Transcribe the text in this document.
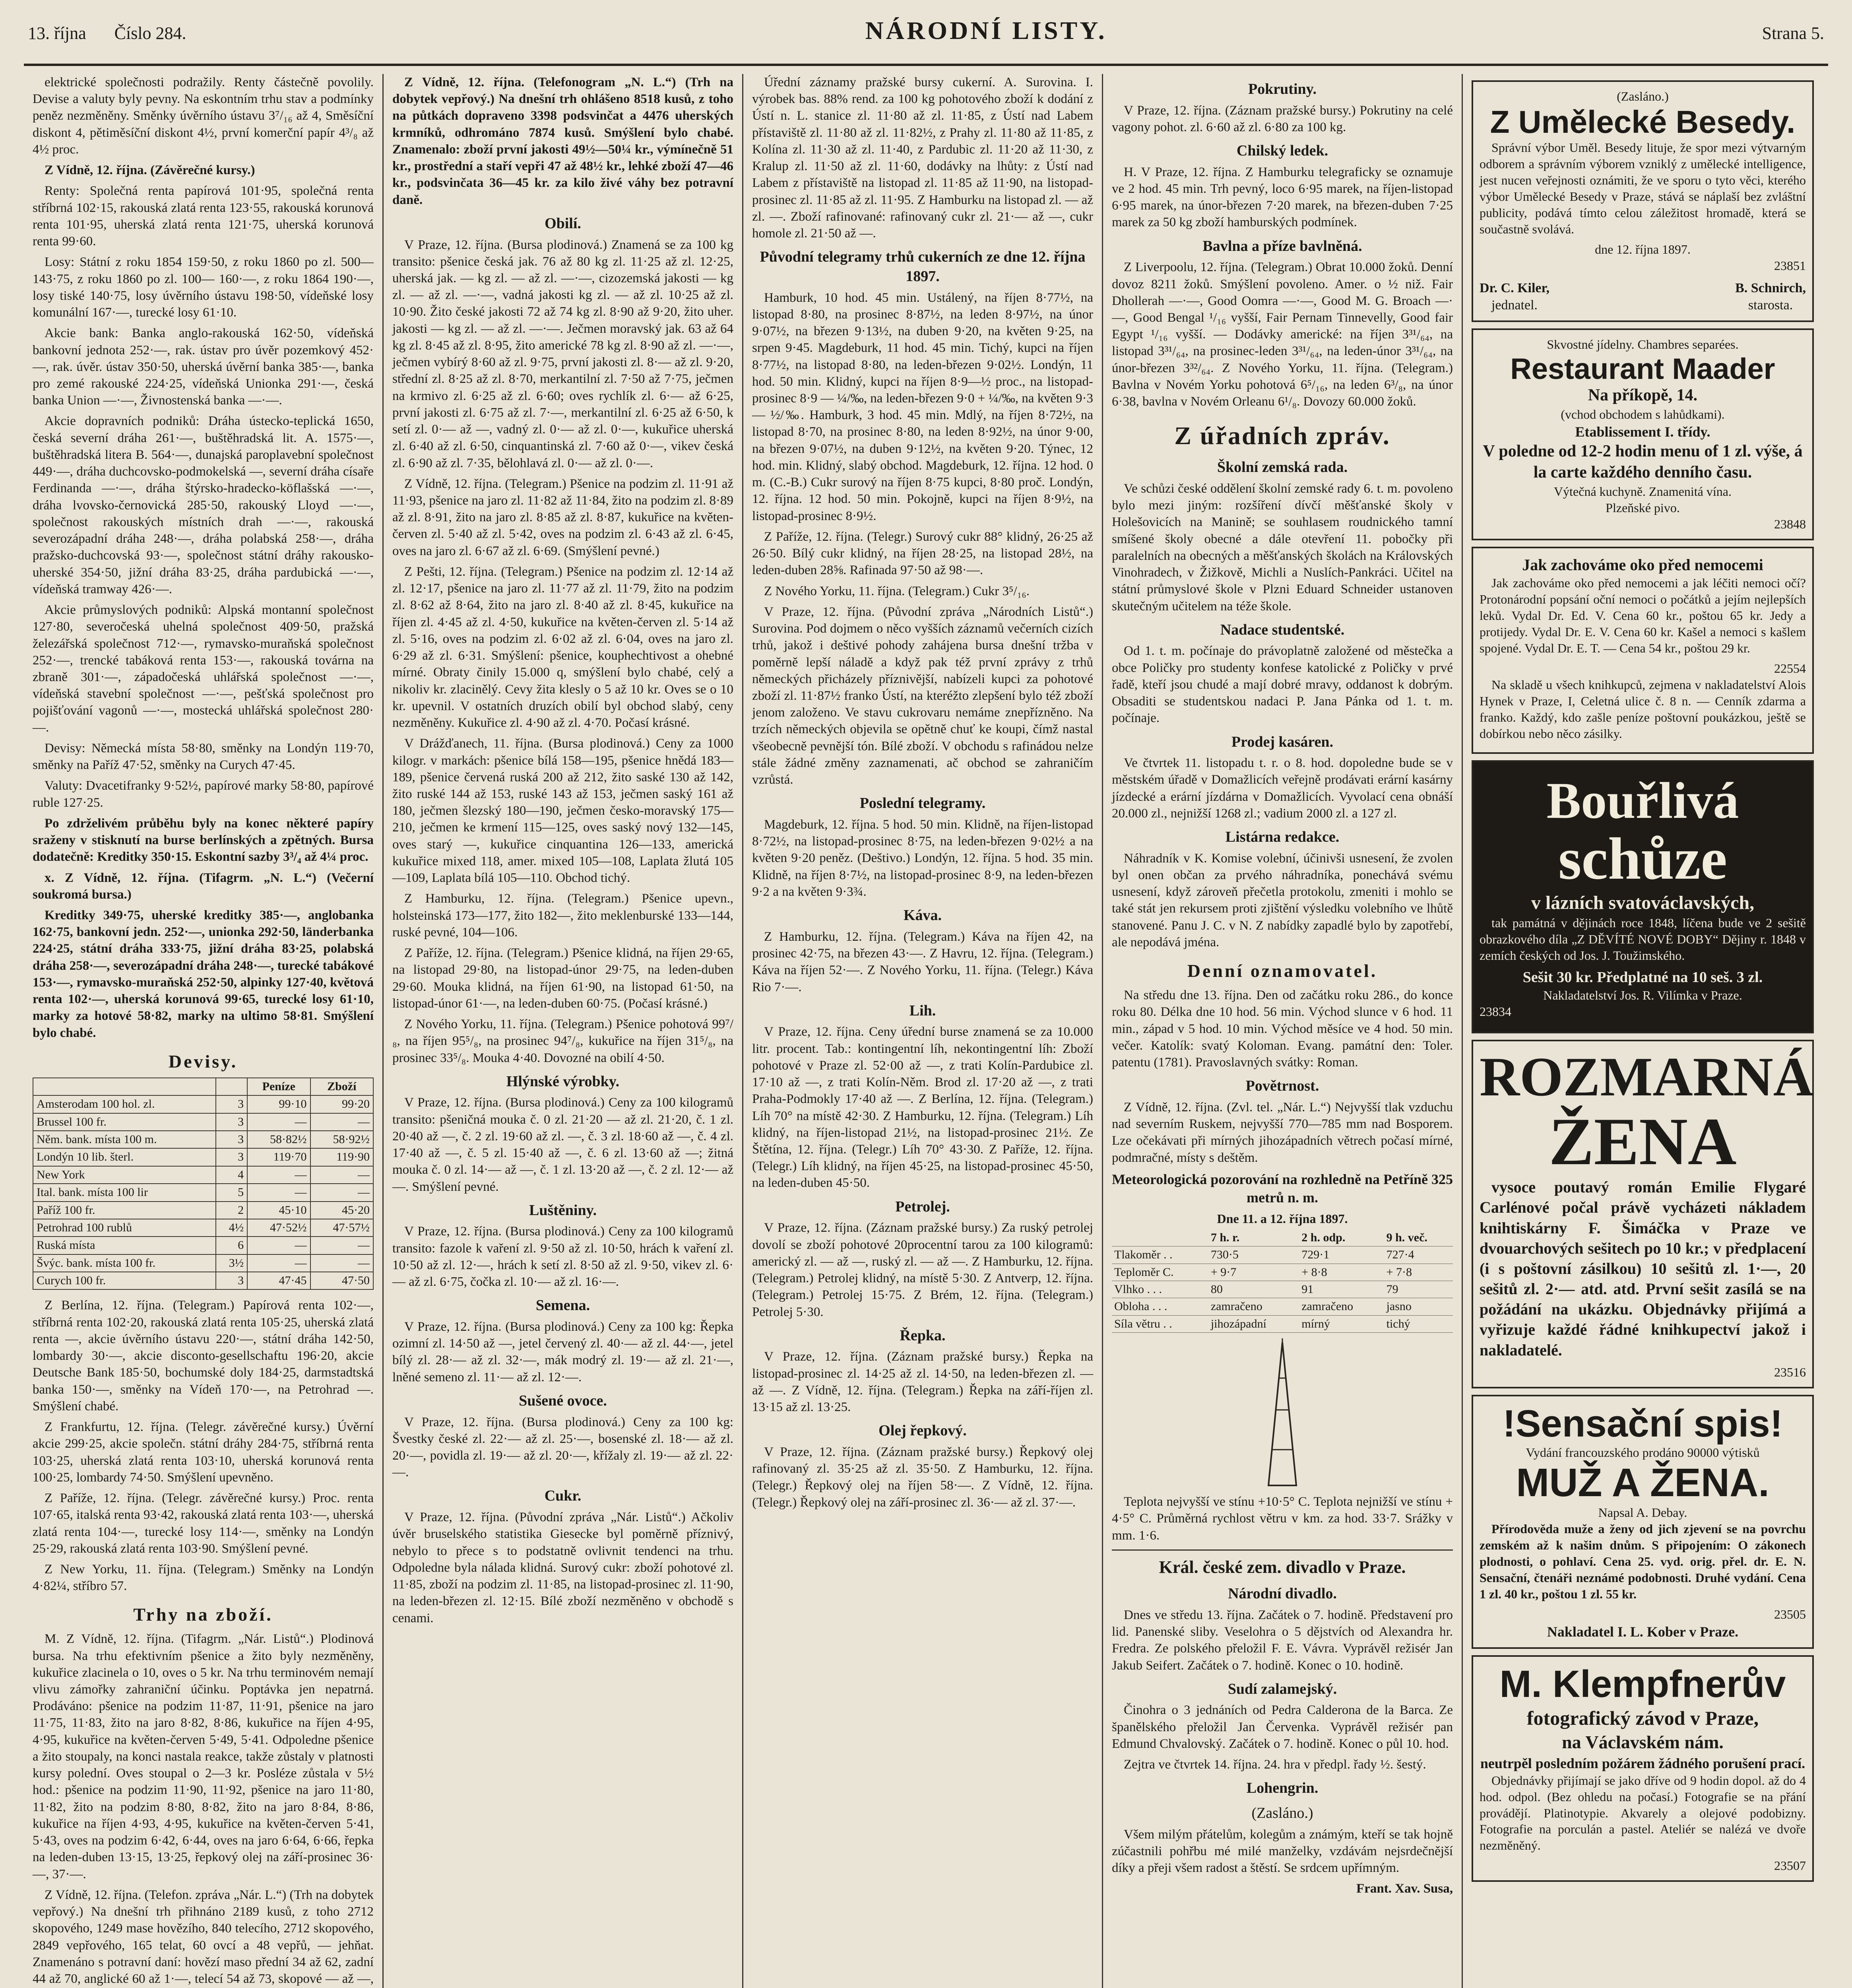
13. října Číslo 284.	NÁRODNÍ LISTY.	Strana 5.

elektrické společnosti podražily. Renty částečně povolily. Devise a valuty byly pevny. Na eskontním trhu stav a podmínky peněz nezměněny. Směnky úvěrního ústavu 3⁷/₁₆ až 4, Směsíční diskont 4, pětiměsíční diskont 4½, první komerční papír 4³/₈ až 4½ proc.

Z Vídně, 12. října. (Závěrečné kursy.)

Renty: Společná renta papírová 101·95, společná renta stříbrná 102·15, rakouská zlatá renta 123·55, rakouská korunová renta 101·95, uherská zlatá renta 121·75, uherská korunová renta 99·60.

Losy: Státní z roku 1854 159·50, z roku 1860 po zl. 500— 143·75, z roku 1860 po zl. 100— 160·—, z roku 1864 190·—, losy tiské 140·75, losy úvěrního ústavu 198·50, vídeňské losy komunální 167·—, turecké losy 61·10.

Akcie bank: Banka anglo-rakouská 162·50, vídeňská bankovní jednota 252·—, rak. ústav pro úvěr pozemkový 452·—, rak. úvěr. ústav 350·50, uherská úvěrní banka 385·—, banka pro zemé rakouské 224·25, vídeňská Unionka 291·—, česká banka Union —·—, Živnostenská banka —·—.

Akcie dopravních podniků: Dráha ústecko-teplická 1650, česká severní dráha 261·—, buštěhradská lit. A. 1575·—, buštěhradská litera B. 564·—, dunajská paroplavební společnost 449·—, dráha duchcovsko-podmokelská —, severní dráha císaře Ferdinanda —·—, dráha štýrsko-hradecko-köflašská —·—, dráha lvovsko-černovická 285·50, rakouský Lloyd —·—, společnost rakouských místních drah —·—, rakouská severozápadní dráha 248·—, dráha polabská 258·—, dráha pražsko-duchcovská 93·—, společnost státní dráhy rakousko-uherské 354·50, jižní dráha 83·25, dráha pardubická —·—, vídeňská tramway 426·—.

Akcie průmyslových podniků: Alpská montanní společnost 127·80, severočeská uhelná společnost 409·50, pražská železářská společnost 712·—, rymavsko-muraňská společnost 252·—, trencké tabáková renta 153·—, rakouská továrna na zbraně 301·—, západočeská uhlářská společnost —·—, vídeňská stavební společnost —·—, pešťská společnost pro pojišťování vagonů —·—, mostecká uhlářská společnost 280·—.

Devisy: Německá místa 58·80, směnky na Londýn 119·70, směnky na Paříž 47·52, směnky na Curych 47·45.

Valuty: Dvacetifranky 9·52½, papírové marky 58·80, papírové ruble 127·25.

Po zdrželivém průběhu byly na konec některé papíry sraženy v stisknutí na burse berlínských a zpětných. Bursa dodatečně: Kreditky 350·15. Eskontní sazby 3³/₄ až 4¼ proc.

x. Z Vídně, 12. října. (Tifagrm. „N. L.“) (Večerní soukromá bursa.)

Kreditky 349·75, uherské kreditky 385·—, anglobanka 162·75, bankovní jedn. 252·—, unionka 292·50, länderbanka 224·25, státní dráha 333·75, jižní dráha 83·25, polabská dráha 258·—, severozápadní dráha 248·—, turecké tabákové 153·—, rymavsko-muraňská 252·50, alpinky 127·40, květová renta 102·—, uherská korunová 99·65, turecké losy 61·10, marky za hotové 58·82, marky na ultimo 58·81. Smýšlení bylo chabé.

Devisy.
		Peníze	Zboží
Amsterodam 100 hol. zl.	3	99·10	99·20
Brussel 100 fr.	3	—	—
Něm. bank. místa 100 m.	3	58·82½	58·92½
Londýn 10 lib. šterl.	3	119·70	119·90
New York	4	—	—
Ital. bank. místa 100 lir	5	—	—
Paříž 100 fr.	2	45·10	45·20
Petrohrad 100 rublů	4½	47·52½	47·57½
Ruská místa	6	—	—
Švýc. bank. místa 100 fr.	3½	—	—
Curych 100 fr.	3	47·45	47·50

Z Berlína, 12. října. (Telegram.) Papírová renta 102·—, stříbrná renta 102·20, rakouská zlatá renta 105·25, uherská zlatá renta —, akcie úvěrního ústavu 220·—, státní dráha 142·50, lombardy 30·—, akcie disconto-gesellschaftu 196·20, akcie Deutsche Bank 185·50, bochumské doly 184·25, darmstadtská banka 150·—, směnky na Vídeň 170·—, na Petrohrad —. Smýšlení chabé.

Z Frankfurtu, 12. října. (Telegr. závěrečné kursy.) Úvěrní akcie 299·25, akcie společn. státní dráhy 284·75, stříbrná renta 103·25, uherská zlatá renta 103·10, uherská korunová renta 100·25, lombardy 74·50. Smýšlení upevněno.

Z Paříže, 12. října. (Telegr. závěrečné kursy.) Proc. renta 107·65, italská renta 93·42, rakouská zlatá renta 103·—, uherská zlatá renta 104·—, turecké losy 114·—, směnky na Londýn 25·29, rakouská zlatá renta 103·90. Smýšlení pevné.

Z New Yorku, 11. října. (Telegram.) Směnky na Londýn 4·82¼, stříbro 57.

Trhy na zboží.

M. Z Vídně, 12. října. (Tifagrm. „Nár. Listů“.) Plodinová bursa. Na trhu efektivním pšenice a žito byly nezměněny, kukuřice zlacinela o 10, oves o 5 kr. Na trhu terminovém nemají vlivu zámořky zahraniční účinku. Poptávka jen nepatrná. Prodáváno: pšenice na podzim 11·87, 11·91, pšenice na jaro 11·75, 11·83, žito na jaro 8·82, 8·86, kukuřice na říjen 4·95, 4·95, kukuřice na květen-červen 5·49, 5·41. Odpoledne pšenice a žito stoupaly, na konci nastala reakce, takže zůstaly v platnosti kursy polední. Oves stoupal o 2—3 kr. Posléze zůstala v 5½ hod.: pšenice na podzim 11·90, 11·92, pšenice na jaro 11·80, 11·82, žito na podzim 8·80, 8·82, žito na jaro 8·84, 8·86, kukuřice na říjen 4·93, 4·95, kukuřice na květen-červen 5·41, 5·43, oves na podzim 6·42, 6·44, oves na jaro 6·64, 6·66, řepka na leden-duben 13·15, 13·25, řepkový olej na září-prosinec 36·—, 37·—.

Z Vídně, 12. října. (Telefon. zpráva „Nár. L.“) (Trh na dobytek vepřový.) Na dnešní trh přihnáno 2189 kusů, z toho 2712 skopového, 1249 mase hovězího, 840 telecího, 2712 skopového, 2849 vepřového, 165 telat, 60 ovcí a 48 vepřů, — jehňat. Znamenáno s potravní daní: hovězí maso přední 34 až 62, zadní 44 až 70, anglické 60 až 1·—, telecí 54 až 73, skopové — až —,

Z Vídně, 12. října. (Telefonogram „N. L.“) (Trh na dobytek vepřový.) Na dnešní trh ohlášeno 8518 kusů, z toho na půtkách dopraveno 3398 podsvinčat a 4476 uherských krmníků, odhrománo 7874 kusů. Smýšlení bylo chabé. Znamenalo: zboží první jakosti 49½—50¼ kr., výmínečně 51 kr., prostřední a staří vepři 47 až 48½ kr., lehké zboží 47—46 kr., podsvinčata 36—45 kr. za kilo živé váhy bez potravní daně.

Obilí.

V Praze, 12. října. (Bursa plodinová.) Znamená se za 100 kg transito: pšenice česká jak. 76 až 80 kg zl. 11·25 až zl. 12·25, uherská jak. — kg zl. — až zl. —·—, cizozemská jakosti — kg zl. — až zl. —·—, vadná jakosti kg zl. — až zl. 10·25 až zl. 10·90. Žito české jakosti 72 až 74 kg zl. 8·90 až 9·20, žito uher. jakosti — kg zl. — až zl. —·—. Ječmen moravský jak. 63 až 64 kg zl. 8·45 až zl. 8·95, žito americké 78 kg zl. 8·90 až zl. —·—, ječmen vybírý 8·60 až zl. 9·75, první jakosti zl. 8·— až zl. 9·20, střední zl. 8·25 až zl. 8·70, merkantilní zl. 7·50 až 7·75, ječmen na krmivo zl. 6·25 až zl. 6·60; oves rychlík zl. 6·— až 6·25, první jakosti zl. 6·75 až zl. 7·—, merkantilní zl. 6·25 až 6·50, k setí zl. 0·— až —, vadný zl. 0·— až zl. 0·—, kukuřice uherská zl. 6·40 až zl. 6·50, cinquantinská zl. 7·60 až 0·—, vikev česká zl. 6·90 až zl. 7·35, bělohlavá zl. 0·— až zl. 0·—.

Z Vídně, 12. října. (Telegram.) Pšenice na podzim zl. 11·91 až 11·93, pšenice na jaro zl. 11·82 až 11·84, žito na podzim zl. 8·89 až zl. 8·91, žito na jaro zl. 8·85 až zl. 8·87, kukuřice na květen-červen zl. 5·40 až zl. 5·42, oves na podzim zl. 6·43 až zl. 6·45, oves na jaro zl. 6·67 až zl. 6·69. (Smýšlení pevné.)

Z Pešti, 12. října. (Telegram.) Pšenice na podzim zl. 12·14 až zl. 12·17, pšenice na jaro zl. 11·77 až zl. 11·79, žito na podzim zl. 8·62 až 8·64, žito na jaro zl. 8·40 až zl. 8·45, kukuřice na říjen zl. 4·45 až zl. 4·50, kukuřice na květen-červen zl. 5·14 až zl. 5·16, oves na podzim zl. 6·02 až zl. 6·04, oves na jaro zl. 6·29 až zl. 6·31. Smýšlení: pšenice, kouphechtivost a ohebné mírné. Obraty činily 15.000 q, smýšlení bylo chabé, celý a nikoliv kr. zlacinělý. Cevy žita klesly o 5 až 10 kr. Oves se o 10 kr. upevnil. V ostatních druzích obilí byl obchod slabý, ceny nezměněny. Kukuřice zl. 4·90 až zl. 4·70. Počasí krásné.

V Drážďanech, 11. října. (Bursa plodinová.) Ceny za 1000 kilogr. v markách: pšenice bílá 158—195, pšenice hnědá 183—189, pšenice červená ruská 200 až 212, žito saské 130 až 142, žito ruské 144 až 153, ruské 143 až 153, ječmen saský 161 až 180, ječmen šlezský 180—190, ječmen česko-moravský 175—210, ječmen ke krmení 115—125, oves saský nový 132—145, oves starý —, kukuřice cinquantina 126—133, americká kukuřice mixed 118, amer. mixed 105—108, Laplata žlutá 105—109, Laplata bílá 105—110. Obchod tichý.

Z Hamburku, 12. října. (Telegram.) Pšenice upevn., holsteinská 173—177, žito 182—, žito meklenburské 133—144, ruské pevné, 104—106.

Z Paříže, 12. října. (Telegram.) Pšenice klidná, na říjen 29·65, na listopad 29·80, na listopad-únor 29·75, na leden-duben 29·60. Mouka klidná, na říjen 61·90, na listopad 61·50, na listopad-únor 61·—, na leden-duben 60·75. (Počasí krásné.)

Z Nového Yorku, 11. října. (Telegram.) Pšenice pohotová 99⁷/₈, na říjen 95⁵/₈, na prosinec 94⁷/₈, kukuřice na říjen 31⁵/₈, na prosinec 33⁵/₈. Mouka 4·40. Dovozné na obilí 4·50.

Hlýnské výrobky.

V Praze, 12. října. (Bursa plodinová.) Ceny za 100 kilogramů transito: pšeničná mouka č. 0 zl. 21·20 — až zl. 21·20, č. 1 zl. 20·40 až —, č. 2 zl. 19·60 až zl. —, č. 3 zl. 18·60 až —, č. 4 zl. 17·40 až —, č. 5 zl. 15·40 až —, č. 6 zl. 13·60 až —; žitná mouka č. 0 zl. 14·— až —, č. 1 zl. 13·20 až —, č. 2 zl. 12·— až —. Smýšlení pevné.

Luštěniny.

V Praze, 12. října. (Bursa plodinová.) Ceny za 100 kilogramů transito: fazole k vaření zl. 9·50 až zl. 10·50, hrách k vaření zl. 10·50 až zl. 12·—, hrách k setí zl. 8·50 až zl. 9·50, vikev zl. 6·— až zl. 6·75, čočka zl. 10·— až zl. 16·—.

Semena.

V Praze, 12. října. (Bursa plodinová.) Ceny za 100 kg: Řepka ozimní zl. 14·50 až —, jetel červený zl. 40·— až zl. 44·—, jetel bílý zl. 28·— až zl. 32·—, mák modrý zl. 19·— až zl. 21·—, lněné semeno zl. 11·— až zl. 12·—.

Sušené ovoce.

V Praze, 12. října. (Bursa plodinová.) Ceny za 100 kg: Švestky české zl. 22·— až zl. 25·—, bosenské zl. 18·— až zl. 20·—, povidla zl. 19·— až zl. 20·—, křížaly zl. 19·— až zl. 22·—.

Cukr.

V Praze, 12. října. (Původní zpráva „Nár. Listů“.) Ačkoliv úvěr bruselského statistika Giesecke byl poměrně příznivý, nebylo to přece s to podstatně ovlivnit tendenci na trhu. Odpoledne byla nálada klidná. Surový cukr: zboží pohotové zl. 11·85, zboží na podzim zl. 11·85, na listopad-prosinec zl. 11·90, na leden-březen zl. 12·15. Bílé zboží nezměněno v obchodě s cenami.

Úřední záznamy pražské bursy cukerní. A. Surovina. I. výrobek bas. 88% rend. za 100 kg pohotového zboží k dodání z Ústí n. L. stanice zl. 11·80 až zl. 11·85, z Ústí nad Labem přístaviště zl. 11·80 až zl. 11·82½, z Prahy zl. 11·80 až 11·85, z Kolína zl. 11·30 až zl. 11·40, z Pardubic zl. 11·20 až 11·30, z Kralup zl. 11·50 až zl. 11·60, dodávky na lhůty: z Ústí nad Labem z přístaviště na listopad zl. 11·85 až 11·90, na listopad-prosinec zl. 11·85 až zl. 11·95. Z Hamburku na listopad zl. — až zl. —. Zboží rafinované: rafinovaný cukr zl. 21·— až —, cukr homole zl. 21·50 až —.

Původní telegramy trhů cukerních ze dne 12. října 1897.

Hamburk, 10 hod. 45 min. Ustálený, na říjen 8·77½, na listopad 8·80, na prosinec 8·87½, na leden 8·97½, na únor 9·07½, na březen 9·13½, na duben 9·20, na květen 9·25, na srpen 9·45. Magdeburk, 11 hod. 45 min. Tichý, kupci na říjen 8·77½, na listopad 8·80, na leden-březen 9·02½. Londýn, 11 hod. 50 min. Klidný, kupci na říjen 8·9—½ proc., na listopad-prosinec 8·9 — ¼/‰, na leden-březen 9·0 + ¼/‰, na květen 9·3 — ½/‰. Hamburk, 3 hod. 45 min. Mdlý, na říjen 8·72½, na listopad 8·70, na prosinec 8·80, na leden 8·92½, na únor 9·00, na březen 9·07½, na duben 9·12½, na květen 9·20. Týnec, 12 hod. min. Klidný, slabý obchod. Magdeburk, 12. října. 12 hod. 0 m. (C.-B.) Cukr surový na říjen 8·75 kupci, 8·80 proč. Londýn, 12. října. 12 hod. 50 min. Pokojně, kupci na říjen 8·9½, na listopad-prosinec 8·9½.

Z Paříže, 12. října. (Telegr.) Surový cukr 88° klidný, 26·25 až 26·50. Bílý cukr klidný, na říjen 28·25, na listopad 28½, na leden-duben 28⅝. Rafinada 97·50 až 98·—.

Z Nového Yorku, 11. října. (Telegram.) Cukr 3⁵/₁₆.

V Praze, 12. října. (Původní zpráva „Národních Listů“.) Surovina. Pod dojmem o něco vyšších záznamů večerních cizích trhů, jakož i deštivé pohody zahájena bursa dnešní tržba v poměrně lepší náladě a když pak též první zprávy z trhů německých přicházely příznivější, nabízeli kupci za pohotové zboží zl. 11·87½ franko Ústí, na kteréžto zlepšení bylo též zboží jenom založeno. Ve stavu cukrovaru nemáme znepřízněno. Na trzích německých objevila se opětně chuť ke koupi, čímž nastal všeobecně pevnější tón. Bílé zboží. V obchodu s rafinádou nelze stále žádné změny zaznamenati, ač obchod se zahraničím vzrůstá.

Poslední telegramy.

Magdeburk, 12. října. 5 hod. 50 min. Klidně, na říjen-listopad 8·72½, na listopad-prosinec 8·75, na leden-březen 9·02½ a na květen 9·20 peněz. (Deštivo.) Londýn, 12. října. 5 hod. 35 min. Klidně, na říjen 8·7½, na listopad-prosinec 8·9, na leden-březen 9·2 a na květen 9·3¾.

Káva.

Z Hamburku, 12. října. (Telegram.) Káva na říjen 42, na prosinec 42·75, na březen 43·—. Z Havru, 12. října. (Telegram.) Káva na říjen 52·—. Z Nového Yorku, 11. října. (Telegr.) Káva Rio 7·—.

Lih.

V Praze, 12. října. Ceny úřední burse znamená se za 10.000 litr. procent. Tab.: kontingentní líh, nekontingentní líh: Zboží pohotové v Praze zl. 52·00 až —, z trati Kolín-Pardubice zl. 17·10 až —, z trati Kolín-Něm. Brod zl. 17·20 až —, z trati Praha-Podmokly 17·40 až —. Z Berlína, 12. října. (Telegram.) Líh 70° na místě 42·30. Z Hamburku, 12. října. (Telegram.) Líh klidný, na říjen-listopad 21½, na listopad-prosinec 21½. Ze Štětína, 12. října. (Telegr.) Líh 70° 43·30. Z Paříže, 12. října. (Telegr.) Líh klidný, na říjen 45·25, na listopad-prosinec 45·50, na leden-duben 45·50.

Petrolej.

V Praze, 12. října. (Záznam pražské bursy.) Za ruský petrolej dovolí se zboží pohotové 20procentní tarou za 100 kilogramů: americký zl. — až —, ruský zl. — až —. Z Hamburku, 12. října. (Telegram.) Petrolej klidný, na místě 5·30. Z Antverp, 12. října. (Telegram.) Petrolej 15·75. Z Brém, 12. října. (Telegram.) Petrolej 5·30.

Řepka.

V Praze, 12. října. (Záznam pražské bursy.) Řepka na listopad-prosinec zl. 14·25 až zl. 14·50, na leden-březen zl. — až —. Z Vídně, 12. října. (Telegram.) Řepka na září-říjen zl. 13·15 až zl. 13·25.

Olej řepkový.

V Praze, 12. října. (Záznam pražské bursy.) Řepkový olej rafinovaný zl. 35·25 až zl. 35·50. Z Hamburku, 12. října. (Telegr.) Řepkový olej na říjen 58·—. Z Vídně, 12. října. (Telegr.) Řepkový olej na září-prosinec zl. 36·— až zl. 37·—.

Pokrutiny.

V Praze, 12. října. (Záznam pražské bursy.) Pokrutiny na celé vagony pohot. zl. 6·60 až zl. 6·80 za 100 kg.

Chilský ledek.

H. V Praze, 12. října. Z Hamburku telegraficky se oznamuje ve 2 hod. 45 min. Trh pevný, loco 6·95 marek, na říjen-listopad 6·95 marek, na únor-březen 7·20 marek, na březen-duben 7·25 marek za 50 kg zboží hamburských podmínek.

Bavlna a příze bavlněná.

Z Liverpoolu, 12. října. (Telegram.) Obrat 10.000 žoků. Denní dovoz 8211 žoků. Smýšlení povoleno. Amer. o ½ niž. Fair Dhollerah —·—, Good Oomra —·—, Good M. G. Broach —·—, Good Bengal ¹/₁₆ vyšší, Fair Pernam Tinnevelly, Good fair Egypt ¹/₁₆ vyšší. — Dodávky americké: na říjen 3³¹/₆₄, na listopad 3³¹/₆₄, na prosinec-leden 3³¹/₆₄, na leden-únor 3³¹/₆₄, na únor-březen 3³²/₆₄. Z Nového Yorku, 11. října. (Telegram.) Bavlna v Novém Yorku pohotová 6⁵/₁₆, na leden 6³/₈, na únor 6·38, bavlna v Novém Orleanu 6¹/₈. Dovozy 60.000 žoků.

Z úřadních zpráv.
Školní zemská rada.

Ve schůzi české oddělení školní zemské rady 6. t. m. povoleno bylo mezi jiným: rozšíření dívčí měšťanské školy v Holešovicích na Manině; se souhlasem roudnického tamní smíšené školy obecné a dále otevření 11. pobočky při paralelních na obecných a měšťanských školách na Královských Vinohradech, v Žižkově, Michli a Nuslích-Pankráci. Učitel na státní průmyslové škole v Plzni Eduard Schneider ustanoven skutečným učitelem na téže škole.

Nadace studentské.

Od 1. t. m. počínaje do právoplatně založené od městečka a obce Poličky pro studenty konfese katolické z Poličky v prvé řadě, kteří jsou chudé a mají dobré mravy, oddanost k dobrým. Obsaditi se studentskou nadaci P. Jana Pánka od 1. t. m. počínaje.

Prodej kasáren.

Ve čtvrtek 11. listopadu t. r. o 8. hod. dopoledne bude se v městském úřadě v Domažlicích veřejně prodávati erární kasárny jízdecké a erární jízdárna v Domažlicích. Vyvolací cena obnáší 20.000 zl., nejnižší 1268 zl.; vadium 2000 zl. a 127 zl.

Listárna redakce.

Náhradník v K. Komise volební, účinivši usnesení, že zvolen byl onen občan za prvého náhradníka, ponechává svému usnesení, když zároveň přečetla protokolu, zmeniti i mohlo se také stát jen rekursem proti zjištění výsledku volebního ve lhůtě stanovené. Panu J. C. v N. Z nabídky zapadlé bylo by zapotřebí, ale nepodává jména.

Denní oznamovatel.

Na středu dne 13. října. Den od začátku roku 286., do konce roku 80. Délka dne 10 hod. 56 min. Východ slunce v 6 hod. 11 min., západ v 5 hod. 10 min. Východ měsíce ve 4 hod. 50 min. večer. Katolík: svatý Koloman. Evang. památní den: Toler. patentu (1781). Pravoslavných svátky: Roman.

Povětrnost.

Z Vídně, 12. října. (Zvl. tel. „Nár. L.“) Nejvyšší tlak vzduchu nad severním Ruskem, nejvyšší 770—785 mm nad Bosporem. Lze očekávati při mírných jihozápadních větrech počasí mírné, podmračné, místy s deštěm.

Meteorologická pozorování na rozhledně na Petříně 325 metrů n. m.
Dne 11. a 12. října 1897.
	7 h. r.	2 h. odp.	9 h. več.
Tlakoměr . .	730·5	729·1	727·4
Teploměr C.	+ 9·7	+ 8·8	+ 7·8
Vlhko . . .	80	91	79
Obloha . . .	zamračeno	zamračeno	jasno
Síla větru . .	jihozápadní	mírný	tichý

Teplota nejvyšší ve stínu +10·5° C. Teplota nejnižší ve stínu + 4·5° C. Průměrná rychlost větru v km. za hod. 33·7. Srážky v mm. 1·6.

Král. české zem. divadlo v Praze.
Národní divadlo.

Dnes ve středu 13. října. Začátek o 7. hodině. Představení pro lid. Panenské sliby. Veselohra o 5 dějstvích od Alexandra hr. Fredra. Ze polského přeložil F. E. Vávra. Vyprávěl režisér Jan Jakub Seifert. Začátek o 7. hodině. Konec o 10. hodině.

Sudí zalamejský.

Činohra o 3 jednáních od Pedra Calderona de la Barca. Ze španělského přeložil Jan Červenka. Vyprávěl režisér pan Edmund Chvalovský. Začátek o 7. hodině. Konec o půl 10. hod.

Zejtra ve čtvrtek 14. října. 24. hra v předpl. řady ½. šestý.

Lohengrin.
(Zasláno.)

Všem milým přátelům, kolegům a známým, kteří se tak hojně zúčastnili pohřbu mé milé manželky, vzdávám nejsrdečnější díky a přeji všem radost a štěstí. Se srdcem upřímným.

Frant. Xav. Susa,

(Zasláno.)
Z Umělecké Besedy.

Správní výbor Uměl. Besedy lituje, že spor mezi výtvarným odborem a správním výborem vzniklý z umělecké intelligence, jest nucen veřejnosti oznámiti, že ve sporu o tyto věci, kterého výbor Umělecké Besedy v Praze, stává se náplaší bez zvláštní publicity, podává tímto celou záležitost hromadě, která se součastně svolává.

dne 12. října 1897.
23851
Dr. C. Kiler,
jednatel.
B. Schnirch,
starosta.
Skvostné jídelny. Chambres separées.
Restaurant Maader
Na příkopě, 14.
(vchod obchodem s lahůdkami).
Etablissement I. třídy.
V poledne od 12-2 hodin menu of 1 zl. výše, á la carte každého denního času.
Výtečná kuchyně. Znamenitá vína.
Plzeňské pivo.
23848
Jak zachováme oko před nemocemi

Jak zachováme oko před nemocemi a jak léčiti nemoci očí? Protonárodní popsání oční nemoci o počátků a jejím nejlepších leků. Vydal Dr. Ed. V. Cena 60 kr., poštou 65 kr. Jedy a protijedy. Vydal Dr. E. V. Cena 60 kr. Kašel a nemoci s kašlem spojené. Vydal Dr. E. T. — Cena 54 kr., poštou 29 kr.

22554

Na skladě u všech knihkupců, zejmena v nakladatelství Alois Hynek v Praze, I, Celetná ulice č. 8 n. — Cenník zdarma a franko. Každý, kdo zašle peníze poštovní poukázkou, ještě se dobírkou nebo něco zásilky.

Bouřlivá
schůze
v lázních svatováclavských,

tak památná v dějinách roce 1848, líčena bude ve 2 sešitě obrazkového díla „Z DĚVÍTÉ NOVÉ DOBY“ Dějiny r. 1848 v zemích českých od Jos. J. Toužimského.

Sešit 30 kr. Předplatné na 10 seš. 3 zl.
Nakladatelství Jos. R. Vilímka v Praze.
23834
ROZMARNÁ
ŽENA

vysoce poutavý román Emilie Flygaré Carlénové počal právě vycházeti nákladem knihtiskárny F. Šimáčka v Praze ve dvouarchových sešitech po 10 kr.; v předplacení (i s poštovní zásilkou) 10 sešitů zl. 1·—, 20 sešitů zl. 2·— atd. atd. První sešit zasílá se na požádání na ukázku. Objednávky přijímá a vyřizuje každé řádné knihkupectví jakož i nakladatelé.

23516
!Sensační spis!
Vydání francouzského prodáno 90000 výtisků
MUŽ A ŽENA.
Napsal A. Debay.

Přírodověda muže a ženy od jich zjevení se na povrchu zemském až k našim dnům. S připojením: O zákonech plodnosti, o pohlaví. Cena 25. vyd. orig. přel. dr. E. N. Sensační, čtenáři neznámé podobnosti. Druhé vydání. Cena 1 zl. 40 kr., poštou 1 zl. 55 kr.

23505
Nakladatel I. L. Kober v Praze.
M. Klempfnerův
fotografický závod v Praze,
na Václavském nám.
neutrpěl posledním požárem žádného porušení prací.

Objednávky přijímají se jako dříve od 9 hodin dopol. až do 4 hod. odpol. (Bez ohledu na počasí.) Fotografie se na přání provádějí. Platinotypie. Akvarely a olejové podobizny. Fotografie na porculán a pastel. Ateliér se nalézá ve dvoře nezměněný.

23507
